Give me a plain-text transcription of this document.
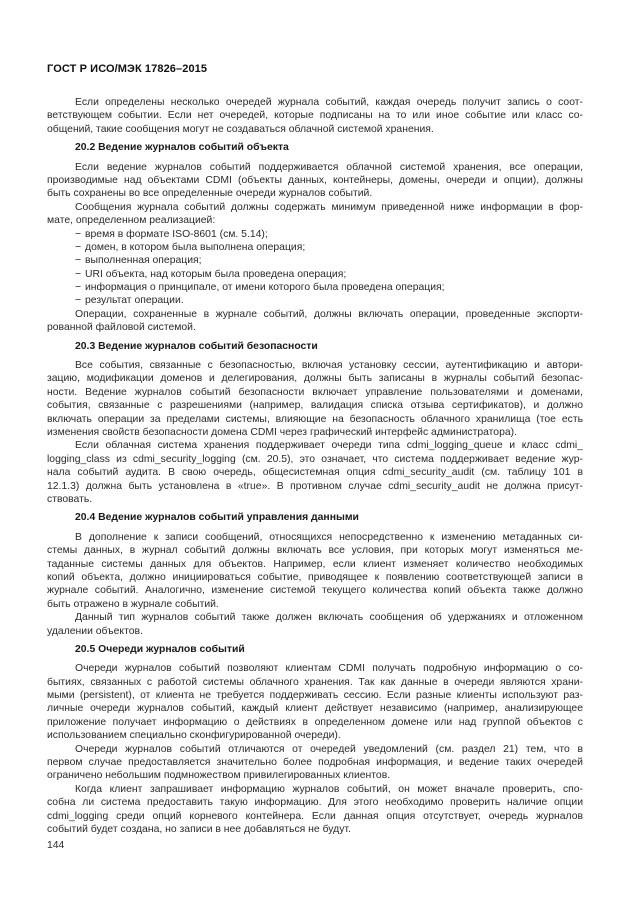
ГОСТ Р ИСО/МЭК 17826–2015
Если определены несколько очередей журнала событий, каждая очередь получит запись о соот-
ветствующем событии. Если нет очередей, которые подписаны на то или иное событие или класс со-
общений, такие сообщения могут не создаваться облачной системой хранения.
20.2 Ведение журналов событий объекта
Если ведение журналов событий поддерживается облачной системой хранения, все операции,
производимые над объектами CDMI (объекты данных, контейнеры, домены, очереди и опции), должны
быть сохранены во все определенные очереди журналов событий.
Сообщения журнала событий должны содержать минимум приведенной ниже информации в фор-
мате, определенном реализацией:
− время в формате ISO-8601 (см. 5.14);
− домен, в котором была выполнена операция;
− выполненная операция;
− URI объекта, над которым была проведена операция;
− информация о принципале, от имени которого была проведена операция;
− результат операции.
Операции, сохраненные в журнале событий, должны включать операции, проведенные экспорти-
рованной файловой системой.
20.3 Ведение журналов событий безопасности
Все события, связанные с безопасностью, включая установку сессии, аутентификацию и автори-
зацию, модификации доменов и делегирования, должны быть записаны в журналы событий безопас-
ности. Ведение журналов событий безопасности включает управление пользователями и доменами,
события, связанные с разрешениями (например, валидация списка отзыва сертификатов), и должно
включать операции за пределами системы, влияющие на безопасность облачного хранилища (тое есть
изменения свойств безопасности домена CDMI через графический интерфейс администратора).
Если облачная система хранения поддерживает очереди типа cdmi_logging_queue и класс cdmi_
logging_class из cdmi_security_logging (см. 20.5), это означает, что система поддерживает ведение жур-
нала событий аудита. В свою очередь, общесистемная опция cdmi_security_audit (см. таблицу 101 в
12.1.3) должна быть установлена в «true». В противном случае cdmi_security_audit не должна присут-
ствовать.
20.4 Ведение журналов событий управления данными
В дополнение к записи сообщений, относящихся непосредственно к изменению метаданных си-
стемы данных, в журнал событий должны включать все условия, при которых могут изменяться ме-
таданные системы данных для объектов. Например, если клиент изменяет количество необходимых
копий объекта, должно инициироваться событие, приводящее к появлению соответствующей записи в
журнале событий. Аналогично, изменение системой текущего количества копий объекта также должно
быть отражено в журнале событий.
Данный тип журналов событий также должен включать сообщения об удержаниях и отложенном
удалении объектов.
20.5 Очереди журналов событий
Очереди журналов событий позволяют клиентам CDMI получать подробную информацию о со-
бытиях, связанных с работой системы облачного хранения. Так как данные в очереди являются храни-
мыми (persistent), от клиента не требуется поддерживать сессию. Если разные клиенты используют раз-
личные очереди журналов событий, каждый клиент действует независимо (например, анализирующее
приложение получает информацию о действиях в определенном домене или над группой объектов с
использованием специально сконфигурированной очереди).
Очереди журналов событий отличаются от очередей уведомлений (см. раздел 21) тем, что в
первом случае предоставляется значительно более подробная информация, и ведение таких очередей
ограничено небольшим подмножеством привилегированных клиентов.
Когда клиент запрашивает информацию журналов событий, он может вначале проверить, спо-
собна ли система предоставить такую информацию. Для этого необходимо проверить наличие опции
cdmi_logging среди опций корневого контейнера. Если данная опция отсутствует, очередь журналов
событий будет создана, но записи в нее добавляться не будут.
144
